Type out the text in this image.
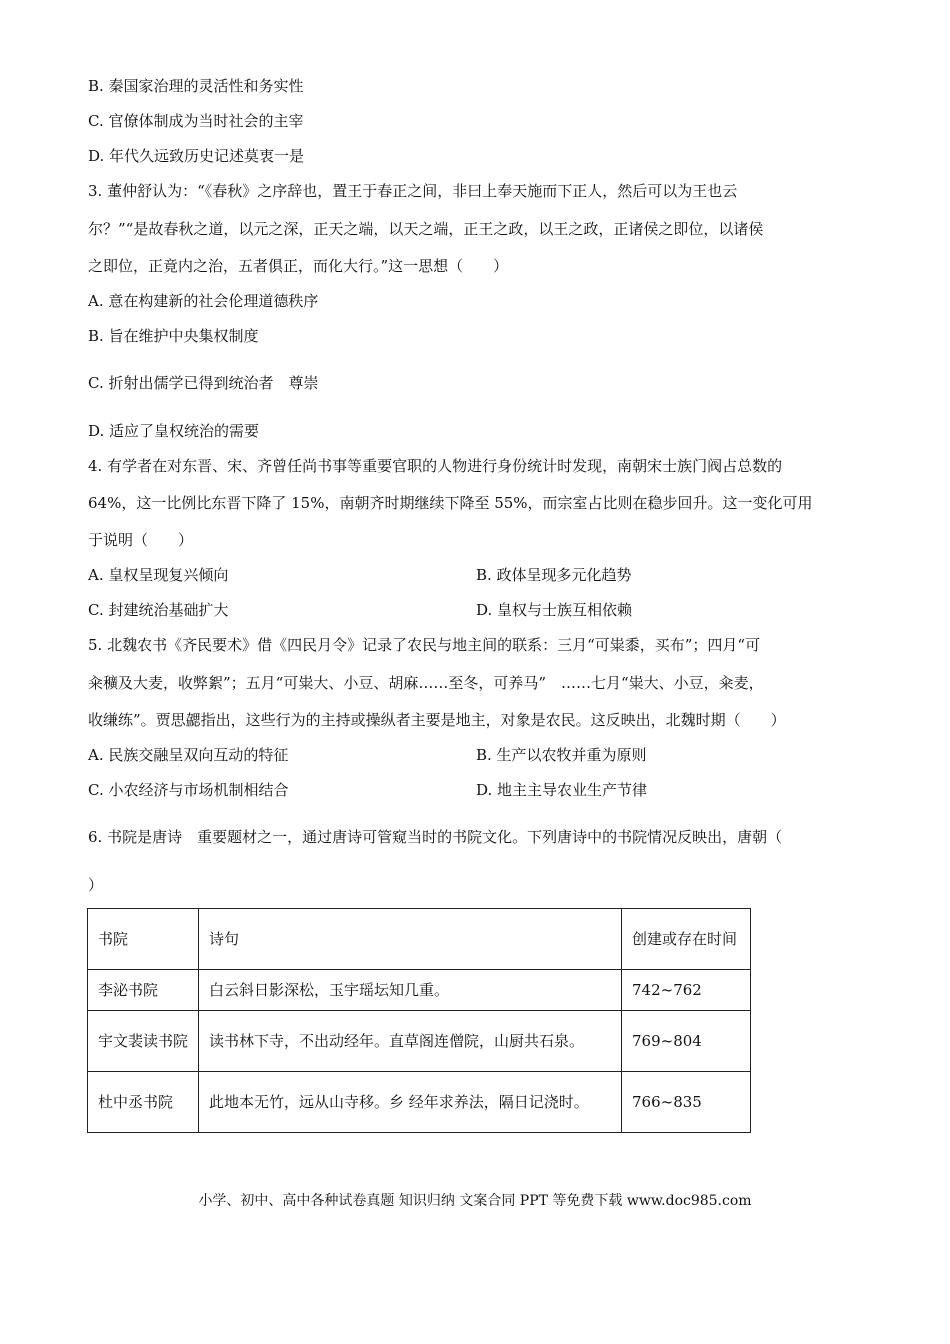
B. 秦国家治理的灵活性和务实性
C. 官僚体制成为当时社会的主宰
D. 年代久远致历史记述莫衷一是
3. 董仲舒认为：“《春秋》之序辞也，置王于春正之间，非曰上奉天施而下正人，然后可以为王也云
尔？”“是故春秋之道，以元之深，正天之端，以天之端，正王之政，以王之政，正诸侯之即位，以诸侯
之即位，正竟内之治，五者俱正，而化大行。”这一思想（　　）
A. 意在构建新的社会伦理道德秩序
B. 旨在维护中央集权制度
C. 折射出儒学已得到统治者　尊崇
D. 适应了皇权统治的需要
4. 有学者在对东晋、宋、齐曾任尚书事等重要官职的人物进行身份统计时发现，南朝宋士族门阀占总数的
64%，这一比例比东晋下降了 15%，南朝齐时期继续下降至 55%，而宗室占比则在稳步回升。这一变化可用
于说明（　　）
A. 皇权呈现复兴倾向	B. 政体呈现多元化趋势
C. 封建统治基础扩大	D. 皇权与士族互相依赖
5. 北魏农书《齐民要术》借《四民月令》记录了农民与地主间的联系：三月“可粜黍，买布”；四月“可
籴穬及大麦，收弊絮”；五月“可粜大、小豆、胡麻……至冬，可养马”　……七月“粜大、小豆，籴麦，
收缣练”。贾思勰指出，这些行为的主持或操纵者主要是地主，对象是农民。这反映出，北魏时期（　　）
A. 民族交融呈双向互动的特征	B. 生产以农牧并重为原则
C. 小农经济与市场机制相结合	D. 地主主导农业生产节律
6. 书院是唐诗　重要题材之一，通过唐诗可管窥当时的书院文化。下列唐诗中的书院情况反映出，唐朝（
）
书院	诗句	创建或存在时间
李泌书院	白云斜日影深松，玉宇瑶坛知几重。	742~762
宇文裴读书院	读书林下寺，不出动经年。直草阁连僧院，山厨共石泉。	769~804
杜中丞书院	此地本无竹，远从山寺移。乡 经年求养法，隔日记浇时。	766~835
小学、初中、高中各种试卷真题 知识归纳 文案合同 PPT 等免费下载 www.doc985.com
